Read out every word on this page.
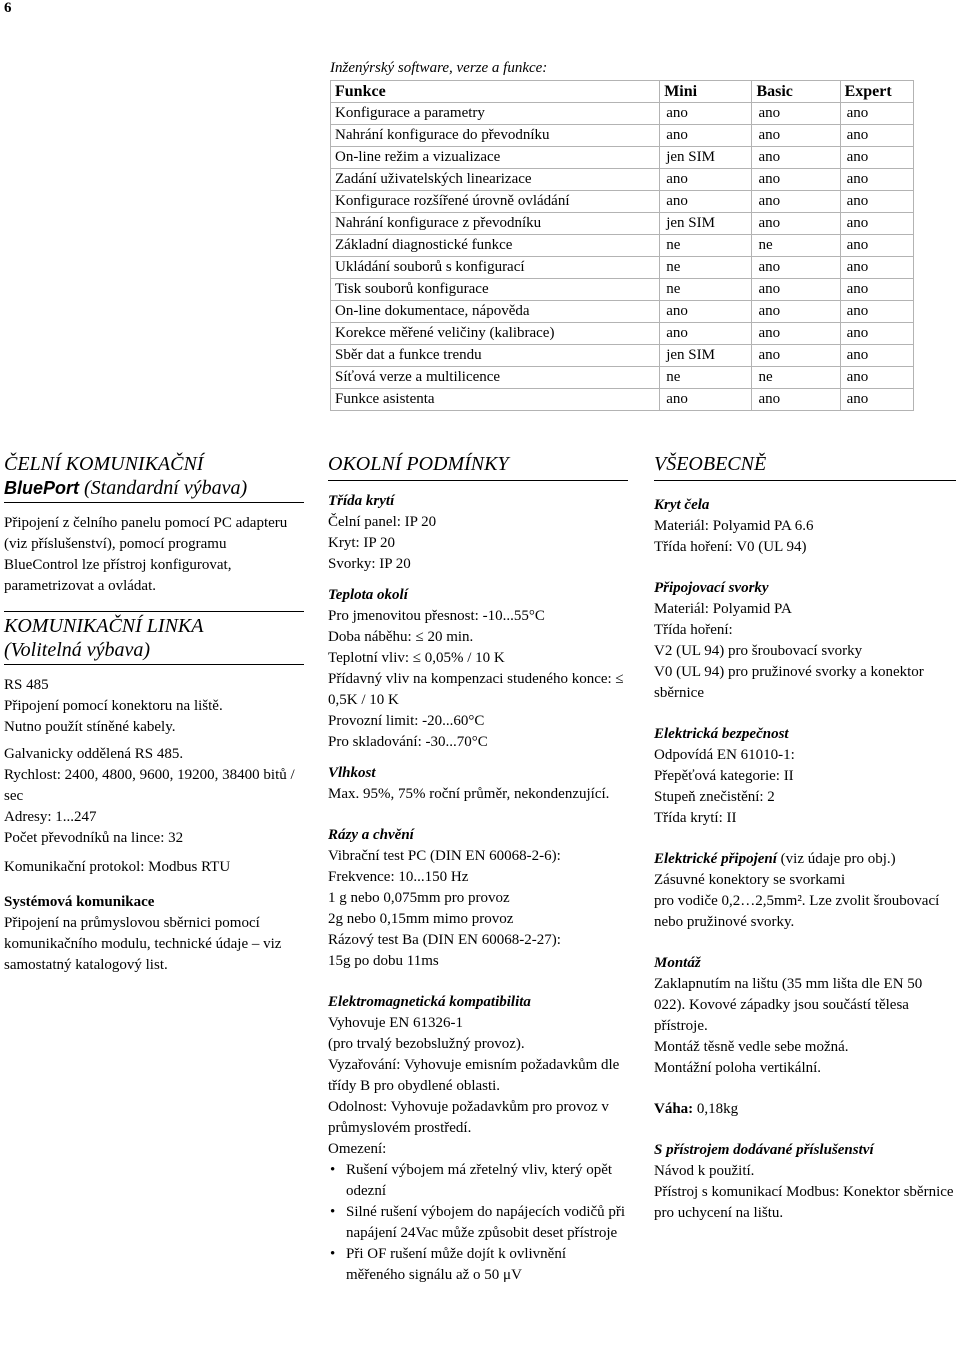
6
Inženýrský software, verze a funkce:
Funkce	Mini	Basic	Expert
Konfigurace a parametry	ano	ano	ano
Nahrání konfigurace do převodníku	ano	ano	ano
On-line režim a vizualizace	jen SIM	ano	ano
Zadání uživatelských linearizace	ano	ano	ano
Konfigurace rozšířené úrovně ovládání	ano	ano	ano
Nahrání konfigurace z převodníku	jen SIM	ano	ano
Základní diagnostické funkce	ne	ne	ano
Ukládání souborů s konfigurací	ne	ano	ano
Tisk souborů konfigurace	ne	ano	ano
On-line dokumentace, nápověda	ano	ano	ano
Korekce měřené veličiny (kalibrace)	ano	ano	ano
Sběr dat a funkce trendu	jen SIM	ano	ano
Síťová verze a multilicence	ne	ne	ano
Funkce asistenta	ano	ano	ano
ČELNÍ KOMUNIKAČNÍ
BluePort (Standardní výbava)

Připojení z čelního panelu pomocí PC adapteru (viz příslušenství), pomocí programu BlueControl lze přístroj konfigurovat, parametrizovat a ovládat.

KOMUNIKAČNÍ LINKA
(Volitelná výbava)

RS 485

Připojení pomocí konektoru na liště.

Nutno použít stíněné kabely.

Galvanicky oddělená RS 485.

Rychlost: 2400, 4800, 9600, 19200, 38400 bitů / sec

Adresy: 1...247

Počet převodníků na lince: 32

Komunikační protokol: Modbus RTU

Systémová komunikace

Připojení na průmyslovou sběrnici pomocí komunikačního modulu, technické údaje – viz samostatný katalogový list.

OKOLNÍ PODMÍNKY

Třída krytí

Čelní panel: IP 20

Kryt: IP 20

Svorky: IP 20

Teplota okolí

Pro jmenovitou přesnost: -10...55°C

Doba náběhu: ≤ 20 min.

Teplotní vliv: ≤ 0,05% / 10 K

Přídavný vliv na kompenzaci studeného konce: ≤ 0,5K / 10 K

Provozní limit: -20...60°C

Pro skladování: -30...70°C

Vlhkost

Max. 95%, 75% roční průměr, nekondenzující.

Rázy a chvění

Vibrační test PC (DIN EN 60068-2-6):

Frekvence: 10...150 Hz

1 g nebo 0,075mm pro provoz

2g nebo 0,15mm mimo provoz

Rázový test Ba (DIN EN 60068-2-27):

15g po dobu 11ms

Elektromagnetická kompatibilita

Vyhovuje EN 61326-1

(pro trvalý bezobslužný provoz).

Vyzařování: Vyhovuje emisním požadavkům dle třídy B pro obydlené oblasti.

Odolnost: Vyhovuje požadavkům pro provoz v průmyslovém prostředí.

Omezení:

• Rušení výbojem má zřetelný vliv, který opět odezní
• Silné rušení výbojem do napájecích vodičů při napájení 24Vac může způsobit deset přístroje
• Při OF rušení může dojít k ovlivnění měřeného signálu až o 50 μV
VŠEOBECNĚ

Kryt čela

Materiál: Polyamid PA 6.6

Třída hoření: V0 (UL 94)

Připojovací svorky

Materiál: Polyamid PA

Třída hoření:

V2 (UL 94) pro šroubovací svorky

V0 (UL 94) pro pružinové svorky a konektor sběrnice

Elektrická bezpečnost

Odpovídá EN 61010-1:

Přepěťová kategorie: II

Stupeň znečistění: 2

Třída krytí: II

Elektrické připojení (viz údaje pro obj.)

Zásuvné konektory se svorkami

pro vodiče 0,2…2,5mm². Lze zvolit šroubovací nebo pružinové svorky.

Montáž

Zaklapnutím na lištu (35 mm lišta dle EN 50 022). Kovové západky jsou součástí tělesa přístroje.

Montáž těsně vedle sebe možná.

Montážní poloha vertikální.

Váha: 0,18kg

S přístrojem dodávané příslušenství

Návod k použití.

Přístroj s komunikací Modbus: Konektor sběrnice pro uchycení na lištu.
